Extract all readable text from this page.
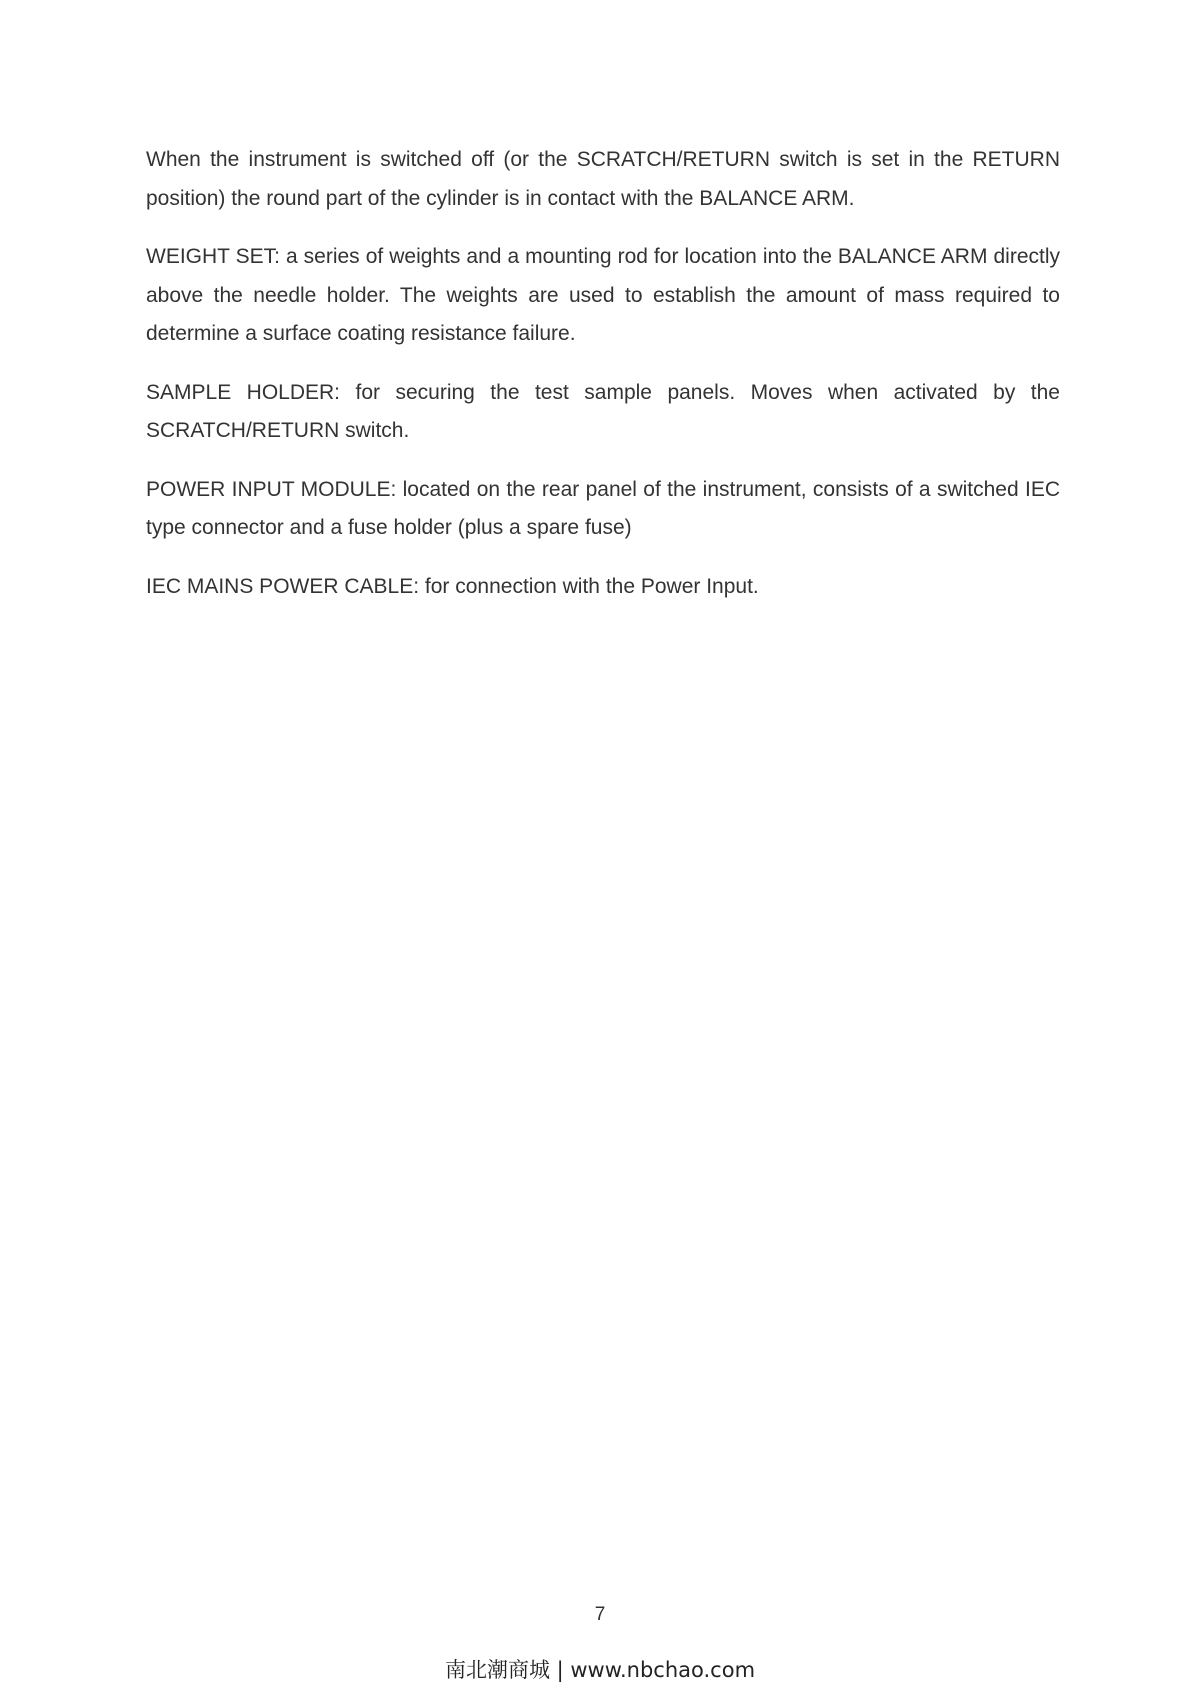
When the instrument is switched off (or the SCRATCH/RETURN switch is set in the RETURN position) the round part of the cylinder is in contact with the BALANCE ARM.

WEIGHT SET: a series of weights and a mounting rod for location into the BALANCE ARM directly above the needle holder. The weights are used to establish the amount of mass required to determine a surface coating resistance failure.

SAMPLE HOLDER: for securing the test sample panels. Moves when activated by the SCRATCH/RETURN switch.

POWER INPUT MODULE: located on the rear panel of the instrument, consists of a switched IEC type connector and a fuse holder (plus a spare fuse)

IEC MAINS POWER CABLE: for connection with the Power Input.

7
南北潮商城 | www.nbchao.com
